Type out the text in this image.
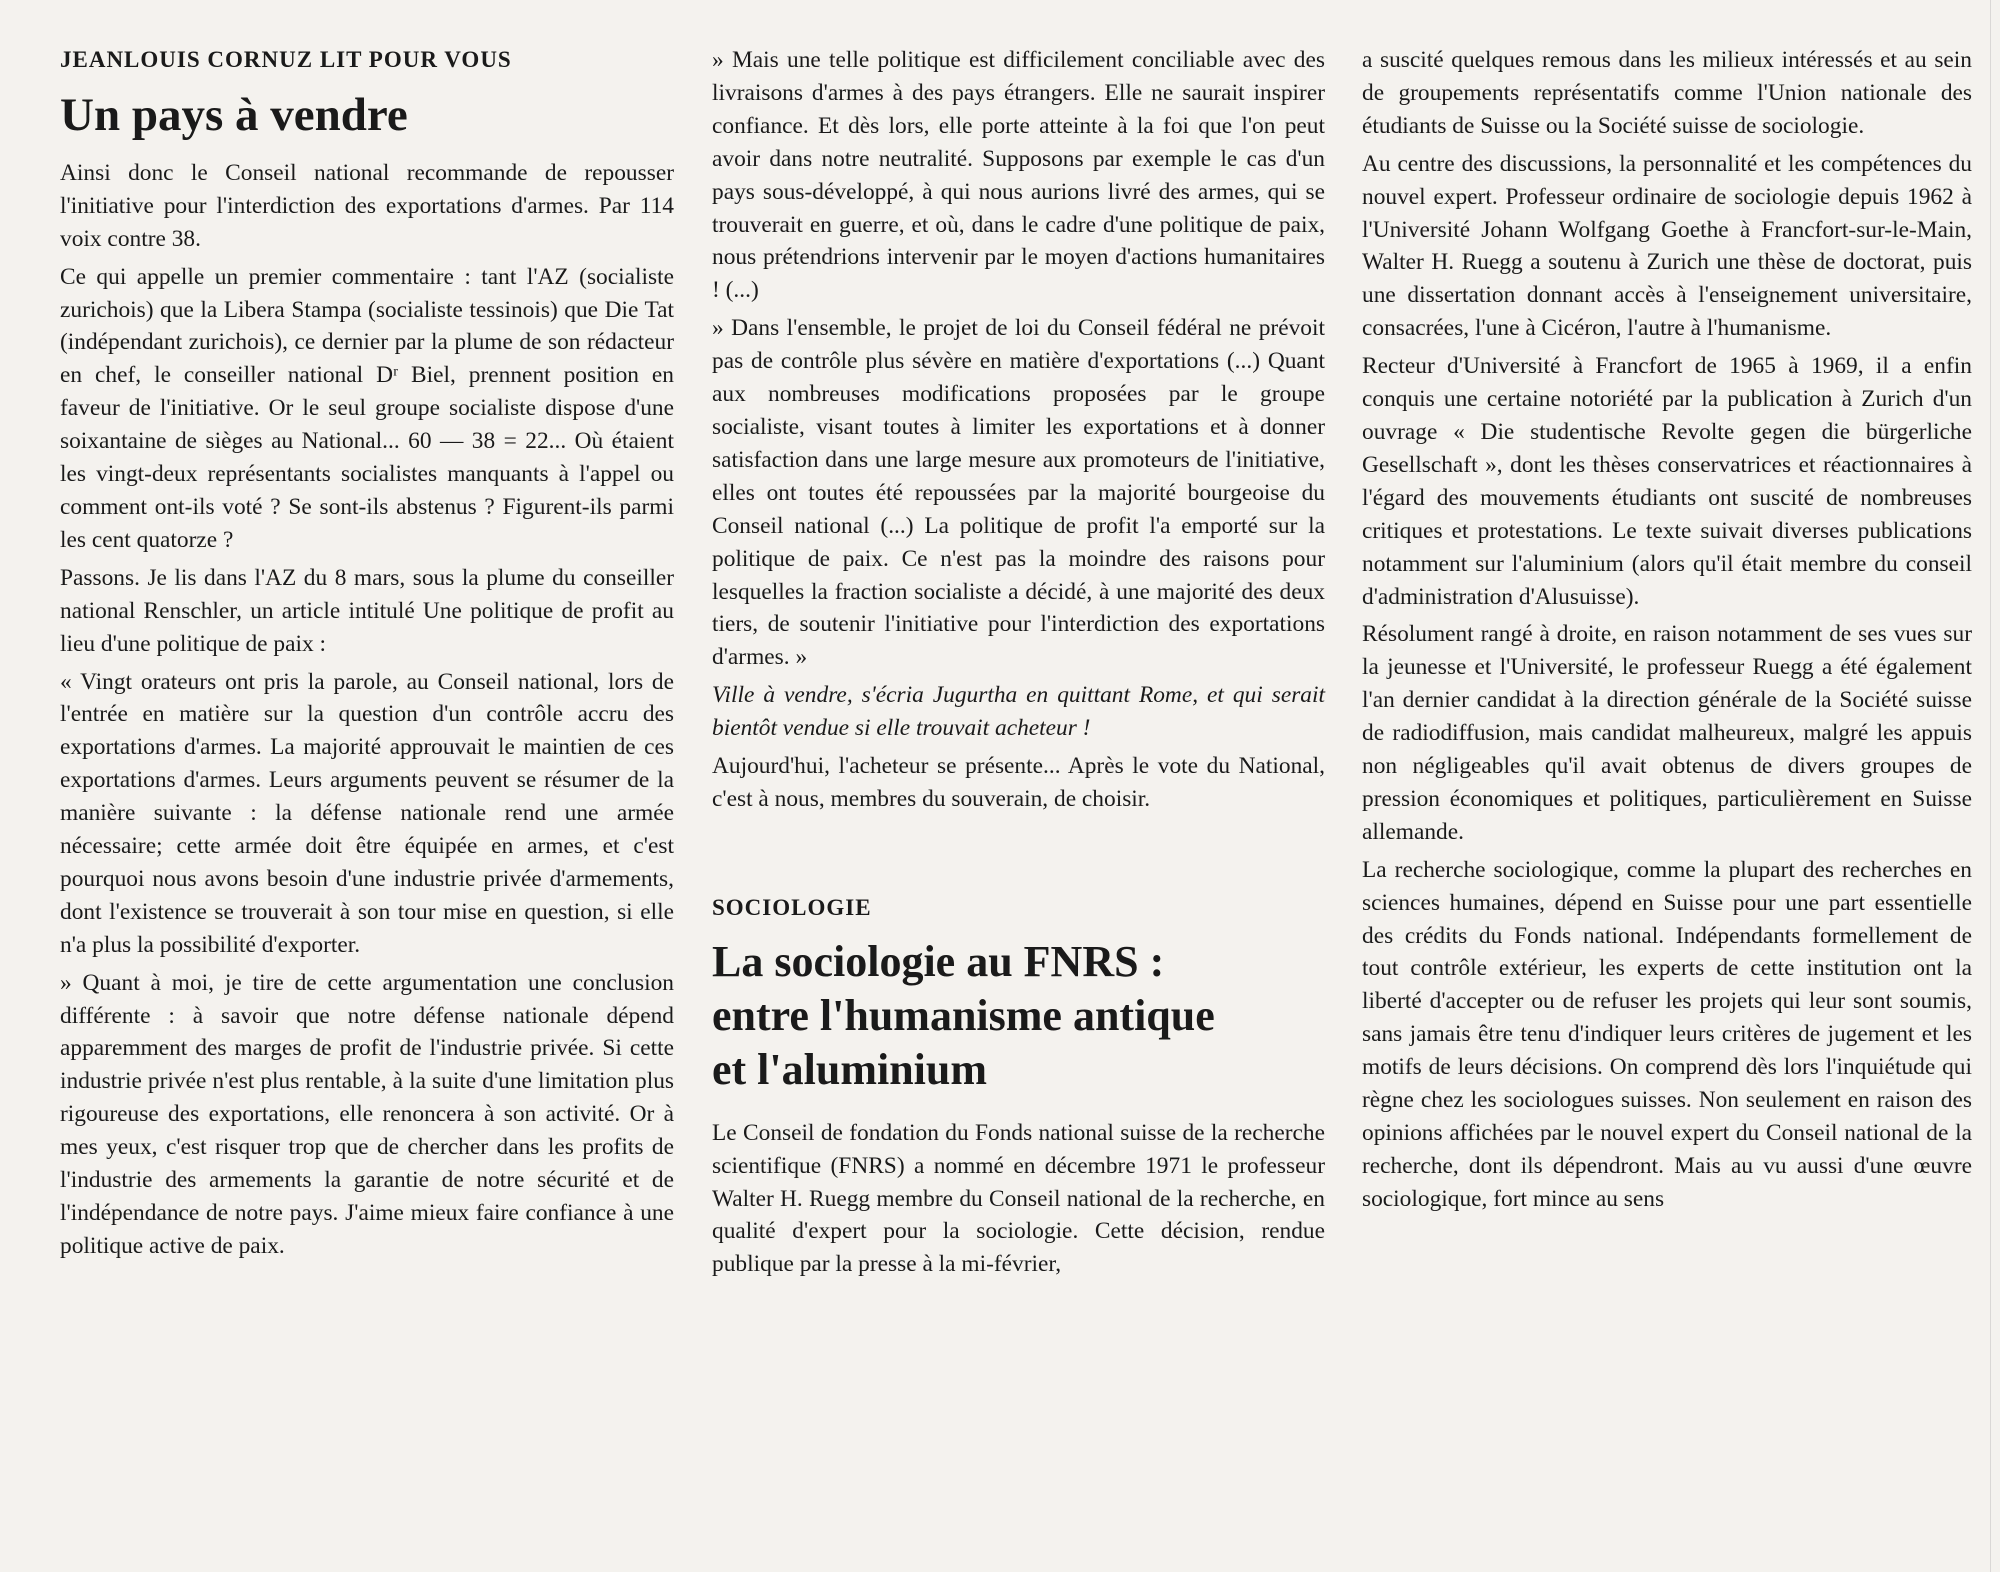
JEANLOUIS CORNUZ LIT POUR VOUS
Un pays à vendre

Ainsi donc le Conseil national recommande de repousser l'initiative pour l'interdiction des exportations d'armes. Par 114 voix contre 38.

Ce qui appelle un premier commentaire : tant l'AZ (socialiste zurichois) que la Libera Stampa (socialiste tessinois) que Die Tat (indépendant zurichois), ce dernier par la plume de son rédacteur en chef, le conseiller national Dʳ Biel, prennent position en faveur de l'initiative. Or le seul groupe socialiste dispose d'une soixantaine de sièges au National... 60 — 38 = 22... Où étaient les vingt-deux représentants socialistes manquants à l'appel ou comment ont-ils voté ? Se sont-ils abstenus ? Figurent-ils parmi les cent quatorze ?

Passons. Je lis dans l'AZ du 8 mars, sous la plume du conseiller national Renschler, un article intitulé Une politique de profit au lieu d'une politique de paix :

« Vingt orateurs ont pris la parole, au Conseil national, lors de l'entrée en matière sur la question d'un contrôle accru des exportations d'armes. La majorité approuvait le maintien de ces exportations d'armes. Leurs arguments peuvent se résumer de la manière suivante : la défense nationale rend une armée nécessaire; cette armée doit être équipée en armes, et c'est pourquoi nous avons besoin d'une industrie privée d'armements, dont l'existence se trouverait à son tour mise en question, si elle n'a plus la possibilité d'exporter.

» Quant à moi, je tire de cette argumentation une conclusion différente : à savoir que notre défense nationale dépend apparemment des marges de profit de l'industrie privée. Si cette industrie privée n'est plus rentable, à la suite d'une limitation plus rigoureuse des exportations, elle renoncera à son activité. Or à mes yeux, c'est risquer trop que de chercher dans les profits de l'industrie des armements la garantie de notre sécurité et de l'indépendance de notre pays. J'aime mieux faire confiance à une politique active de paix.

» Mais une telle politique est difficilement conciliable avec des livraisons d'armes à des pays étrangers. Elle ne saurait inspirer confiance. Et dès lors, elle porte atteinte à la foi que l'on peut avoir dans notre neutralité. Supposons par exemple le cas d'un pays sous-développé, à qui nous aurions livré des armes, qui se trouverait en guerre, et où, dans le cadre d'une politique de paix, nous prétendrions intervenir par le moyen d'actions humanitaires ! (...)

» Dans l'ensemble, le projet de loi du Conseil fédéral ne prévoit pas de contrôle plus sévère en matière d'exportations (...) Quant aux nombreuses modifications proposées par le groupe socialiste, visant toutes à limiter les exportations et à donner satisfaction dans une large mesure aux promoteurs de l'initiative, elles ont toutes été repoussées par la majorité bourgeoise du Conseil national (...) La politique de profit l'a emporté sur la politique de paix. Ce n'est pas la moindre des raisons pour lesquelles la fraction socialiste a décidé, à une majorité des deux tiers, de soutenir l'initiative pour l'interdiction des exportations d'armes. »

Ville à vendre, s'écria Jugurtha en quittant Rome, et qui serait bientôt vendue si elle trouvait acheteur !

Aujourd'hui, l'acheteur se présente... Après le vote du National, c'est à nous, membres du souverain, de choisir.

SOCIOLOGIE
La sociologie au FNRS :
entre l'humanisme antique
et l'aluminium

Le Conseil de fondation du Fonds national suisse de la recherche scientifique (FNRS) a nommé en décembre 1971 le professeur Walter H. Ruegg membre du Conseil national de la recherche, en qualité d'expert pour la sociologie. Cette décision, rendue publique par la presse à la mi-février,

a suscité quelques remous dans les milieux intéressés et au sein de groupements représentatifs comme l'Union nationale des étudiants de Suisse ou la Société suisse de sociologie.

Au centre des discussions, la personnalité et les compétences du nouvel expert. Professeur ordinaire de sociologie depuis 1962 à l'Université Johann Wolfgang Goethe à Francfort-sur-le-Main, Walter H. Ruegg a soutenu à Zurich une thèse de doctorat, puis une dissertation donnant accès à l'enseignement universitaire, consacrées, l'une à Cicéron, l'autre à l'humanisme.

Recteur d'Université à Francfort de 1965 à 1969, il a enfin conquis une certaine notoriété par la publication à Zurich d'un ouvrage « Die studentische Revolte gegen die bürgerliche Gesellschaft », dont les thèses conservatrices et réactionnaires à l'égard des mouvements étudiants ont suscité de nombreuses critiques et protestations. Le texte suivait diverses publications notamment sur l'aluminium (alors qu'il était membre du conseil d'administration d'Alusuisse).

Résolument rangé à droite, en raison notamment de ses vues sur la jeunesse et l'Université, le professeur Ruegg a été également l'an dernier candidat à la direction générale de la Société suisse de radiodiffusion, mais candidat malheureux, malgré les appuis non négligeables qu'il avait obtenus de divers groupes de pression économiques et politiques, particulièrement en Suisse allemande.

La recherche sociologique, comme la plupart des recherches en sciences humaines, dépend en Suisse pour une part essentielle des crédits du Fonds national. Indépendants formellement de tout contrôle extérieur, les experts de cette institution ont la liberté d'accepter ou de refuser les projets qui leur sont soumis, sans jamais être tenu d'indiquer leurs critères de jugement et les motifs de leurs décisions. On comprend dès lors l'inquiétude qui règne chez les sociologues suisses. Non seulement en raison des opinions affichées par le nouvel expert du Conseil national de la recherche, dont ils dépendront. Mais au vu aussi d'une œuvre sociologique, fort mince au sens
